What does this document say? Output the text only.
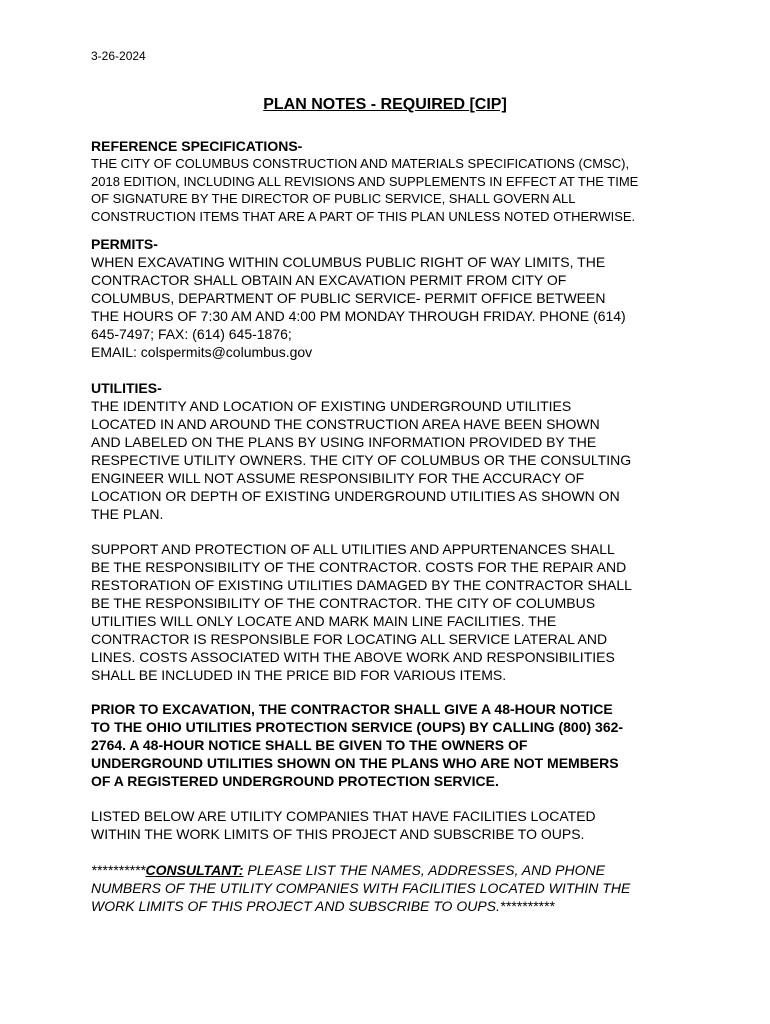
3-26-2024
PLAN NOTES - REQUIRED [CIP]
REFERENCE SPECIFICATIONS-
THE CITY OF COLUMBUS CONSTRUCTION AND MATERIALS SPECIFICATIONS (CMSC),
2018 EDITION, INCLUDING ALL REVISIONS AND SUPPLEMENTS IN EFFECT AT THE TIME
OF SIGNATURE BY THE DIRECTOR OF PUBLIC SERVICE, SHALL GOVERN ALL
CONSTRUCTION ITEMS THAT ARE A PART OF THIS PLAN UNLESS NOTED OTHERWISE.
PERMITS-
WHEN EXCAVATING WITHIN COLUMBUS PUBLIC RIGHT OF WAY LIMITS, THE
CONTRACTOR SHALL OBTAIN AN EXCAVATION PERMIT FROM CITY OF
COLUMBUS, DEPARTMENT OF PUBLIC SERVICE- PERMIT OFFICE BETWEEN
THE HOURS OF 7:30 AM AND 4:00 PM MONDAY THROUGH FRIDAY. PHONE (614)
645-7497; FAX: (614) 645-1876;
EMAIL: colspermits@columbus.gov
UTILITIES-
THE IDENTITY AND LOCATION OF EXISTING UNDERGROUND UTILITIES
LOCATED IN AND AROUND THE CONSTRUCTION AREA HAVE BEEN SHOWN
AND LABELED ON THE PLANS BY USING INFORMATION PROVIDED BY THE
RESPECTIVE UTILITY OWNERS. THE CITY OF COLUMBUS OR THE CONSULTING
ENGINEER WILL NOT ASSUME RESPONSIBILITY FOR THE ACCURACY OF
LOCATION OR DEPTH OF EXISTING UNDERGROUND UTILITIES AS SHOWN ON
THE PLAN.
SUPPORT AND PROTECTION OF ALL UTILITIES AND APPURTENANCES SHALL
BE THE RESPONSIBILITY OF THE CONTRACTOR. COSTS FOR THE REPAIR AND
RESTORATION OF EXISTING UTILITIES DAMAGED BY THE CONTRACTOR SHALL
BE THE RESPONSIBILITY OF THE CONTRACTOR. THE CITY OF COLUMBUS
UTILITIES WILL ONLY LOCATE AND MARK MAIN LINE FACILITIES. THE
CONTRACTOR IS RESPONSIBLE FOR LOCATING ALL SERVICE LATERAL AND
LINES. COSTS ASSOCIATED WITH THE ABOVE WORK AND RESPONSIBILITIES
SHALL BE INCLUDED IN THE PRICE BID FOR VARIOUS ITEMS.
PRIOR TO EXCAVATION, THE CONTRACTOR SHALL GIVE A 48-HOUR NOTICE
TO THE OHIO UTILITIES PROTECTION SERVICE (OUPS) BY CALLING (800) 362-
2764. A 48-HOUR NOTICE SHALL BE GIVEN TO THE OWNERS OF
UNDERGROUND UTILITIES SHOWN ON THE PLANS WHO ARE NOT MEMBERS
OF A REGISTERED UNDERGROUND PROTECTION SERVICE.
LISTED BELOW ARE UTILITY COMPANIES THAT HAVE FACILITIES LOCATED
WITHIN THE WORK LIMITS OF THIS PROJECT AND SUBSCRIBE TO OUPS.
**********CONSULTANT: PLEASE LIST THE NAMES, ADDRESSES, AND PHONE
NUMBERS OF THE UTILITY COMPANIES WITH FACILITIES LOCATED WITHIN THE
WORK LIMITS OF THIS PROJECT AND SUBSCRIBE TO OUPS.**********
